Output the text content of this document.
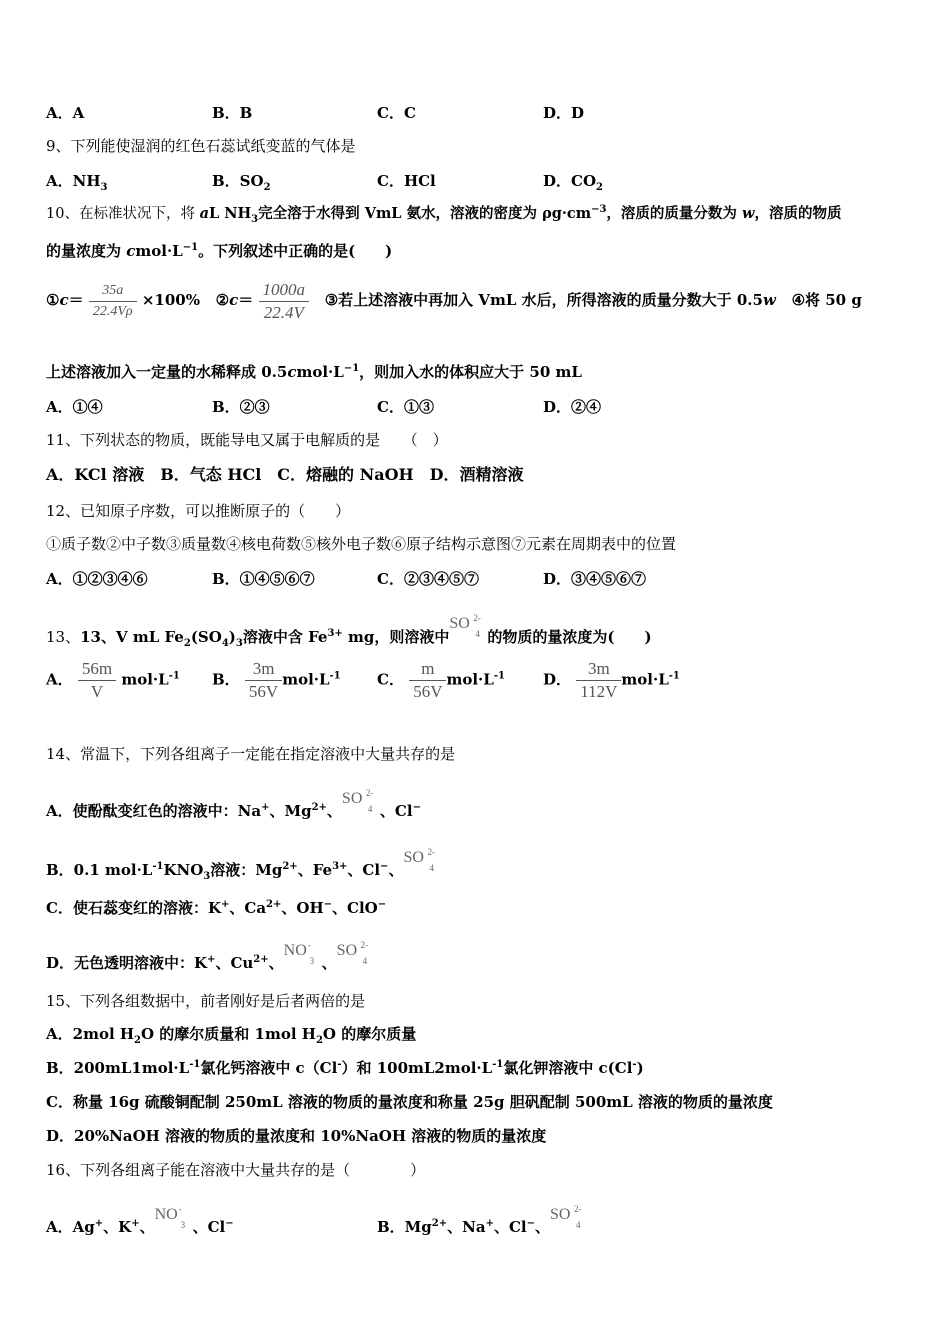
A．A	B．B	C．C	D．D
9、下列能使湿润的红色石蕊试纸变蓝的气体是
A．$NH_3$	B．$SO_2$	C．HCl	D．$CO_2$
10、在标准状况下，将 aL $NH_3$完全溶于水得到 VmL 氨水，溶液的密度为 $\rho g\cdot cm^{-3}$，溶质的质量分数为 w，溶质的物质
的量浓度为 $cmol\cdot L^{-1}$。下列叙述中正确的是(　　)
①c＝ $\frac{35a}{22.4V\rho} \times 100\%$ ②c＝ $\frac{1000a}{22.4V}$ ③若上述溶液中再加入 VmL 水后，所得溶液的质量分数大于 0.5w ④将 50 g
上述溶液加入一定量的水稀释成 $0.5cmol\cdot L^{-1}$，则加入水的体积应大于 50 mL
A．①④	B．②③	C．①③	D．②④
11、下列状态的物质，既能导电又属于电解质的是　　（　）
A．KCl 溶液　B．气态 HCl　C．熔融的 NaOH　D．酒精溶液
12、已知原子序数，可以推断原子的（　　）
①质子数②中子数③质量数④核电荷数⑤核外电子数⑥原子结构示意图⑦元素在周期表中的位置
A．①②③④⑥	B．①④⑤⑥⑦	C．②③④⑤⑦	D．③④⑤⑥⑦
13、13、V mL $Fe_2(SO_4)_3$溶液中含 $Fe^{3+}$ mg，则溶液中
SO 2-
4 的物质的量浓度为(　　)
A． $\frac{56m}{V} mol\cdot L^{-1}$ B． $\frac{3m}{56V} mol\cdot L^{-1}$ C． $\frac{m}{56V} mol\cdot L^{-1}$	D． $\frac{3m}{112V} mol\cdot L^{-1}$
14、常温下，下列各组离子一定能在指定溶液中大量共存的是
A．使酚酞变红色的溶液中：Na+、$Mg^{2+}$、
SO 2-
4 、Cl−
B．0.1 $mol\cdot L^{-1}KNO_3$溶液：$Mg^{2+}$、$Fe^{3+}$、Cl−、
SO 2-
4
C．使石蕊变红的溶液：K+、$Ca^{2+}$、OH−、ClO−
D．无色透明溶液中：K+、$Cu^{2+}$、
NO -
3 、
SO 2-
4
15、下列各组数据中，前者刚好是后者两倍的是
A．2mol $H_2O$ 的摩尔质量和 1mol $H_2O$ 的摩尔质量
B．$200mL1mol\cdot L^{-1}$氯化钙溶液中 c（Cl-）和 $100mL2mol\cdot L^{-1}$氯化钾溶液中 c(Cl-)
C．称量 16g 硫酸铜配制 250mL 溶液的物质的量浓度和称量 25g 胆矾配制 500mL 溶液的物质的量浓度
D．20%NaOH 溶液的物质的量浓度和 10%NaOH 溶液的物质的量浓度
16、下列各组离子能在溶液中大量共存的是（　　　　）
A．Ag+、K+、
NO -
3 、Cl−	B．$Mg^{2+}$、Na+、Cl−、
SO 2-
4
